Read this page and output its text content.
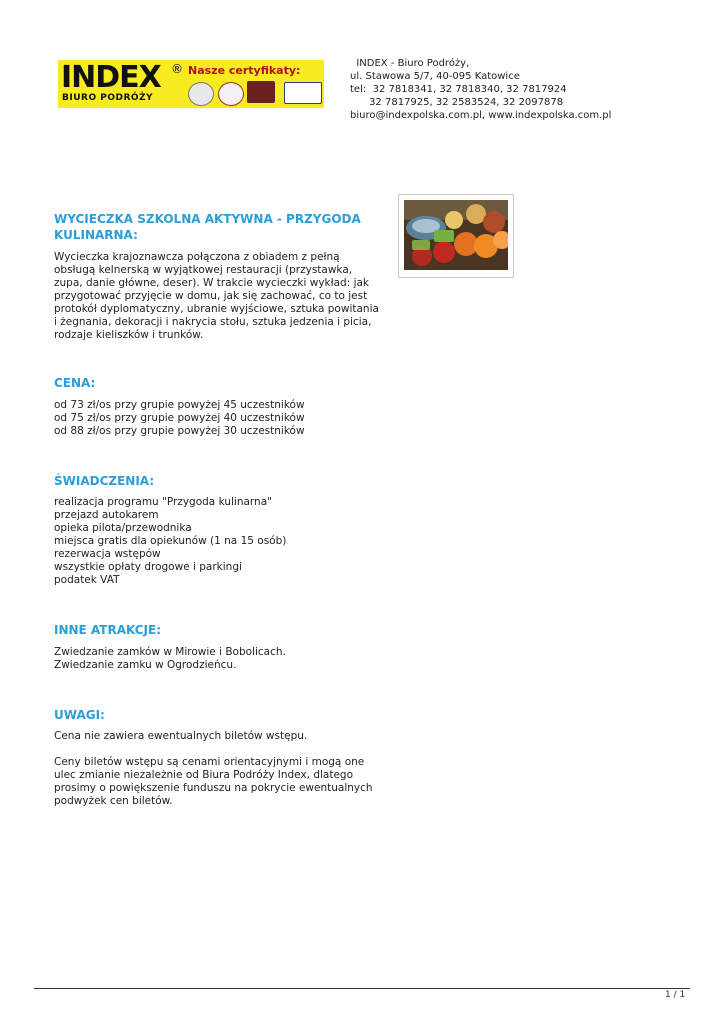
INDEX ®
BIURO PODRÓŻY
Nasze certyfikaty:
INDEX - Biuro Podróży,
ul. Stawowa 5/7, 40-095 Katowice
tel:  32 7818341, 32 7818340, 32 7817924
32 7817925, 32 2583524, 32 2097878
biuro@indexpolska.com.pl, www.indexpolska.com.pl
WYCIECZKA SZKOLNA AKTYWNA - PRZYGODA KULINARNA:
Wycieczka krajoznawcza połączona z obiadem z pełną obsługą kelnerską w wyjątkowej restauracji (przystawka, zupa, danie główne, deser). W trakcie wycieczki wykład: jak przygotować przyjęcie w domu, jak się zachować, co to jest protokół dyplomatyczny, ubranie wyjściowe, sztuka powitania i żegnania, dekoracji i nakrycia stołu, sztuka jedzenia i picia, rodzaje kieliszków i trunków.
CENA:
od 73 zł/os przy grupie powyżej 45 uczestników
od 75 zł/os przy grupie powyżej 40 uczestników
od 88 zł/os przy grupie powyżej 30 uczestników
ŚWIADCZENIA:
realizacja programu "Przygoda kulinarna"
przejazd autokarem
opieka pilota/przewodnika
miejsca gratis dla opiekunów (1 na 15 osób)
rezerwacja wstępów
wszystkie opłaty drogowe i parkingi
podatek VAT
INNE ATRAKCJE:
Zwiedzanie zamków w Mirowie i Bobolicach.
Zwiedzanie zamku w Ogrodzieńcu.
UWAGI:
Cena nie zawiera ewentualnych biletów wstępu.
Ceny biletów wstępu są cenami orientacyjnymi i mogą one ulec zmianie niezależnie od Biura Podróży Index, dlatego prosimy o powiększenie funduszu na pokrycie ewentualnych podwyżek cen biletów.
1 / 1
